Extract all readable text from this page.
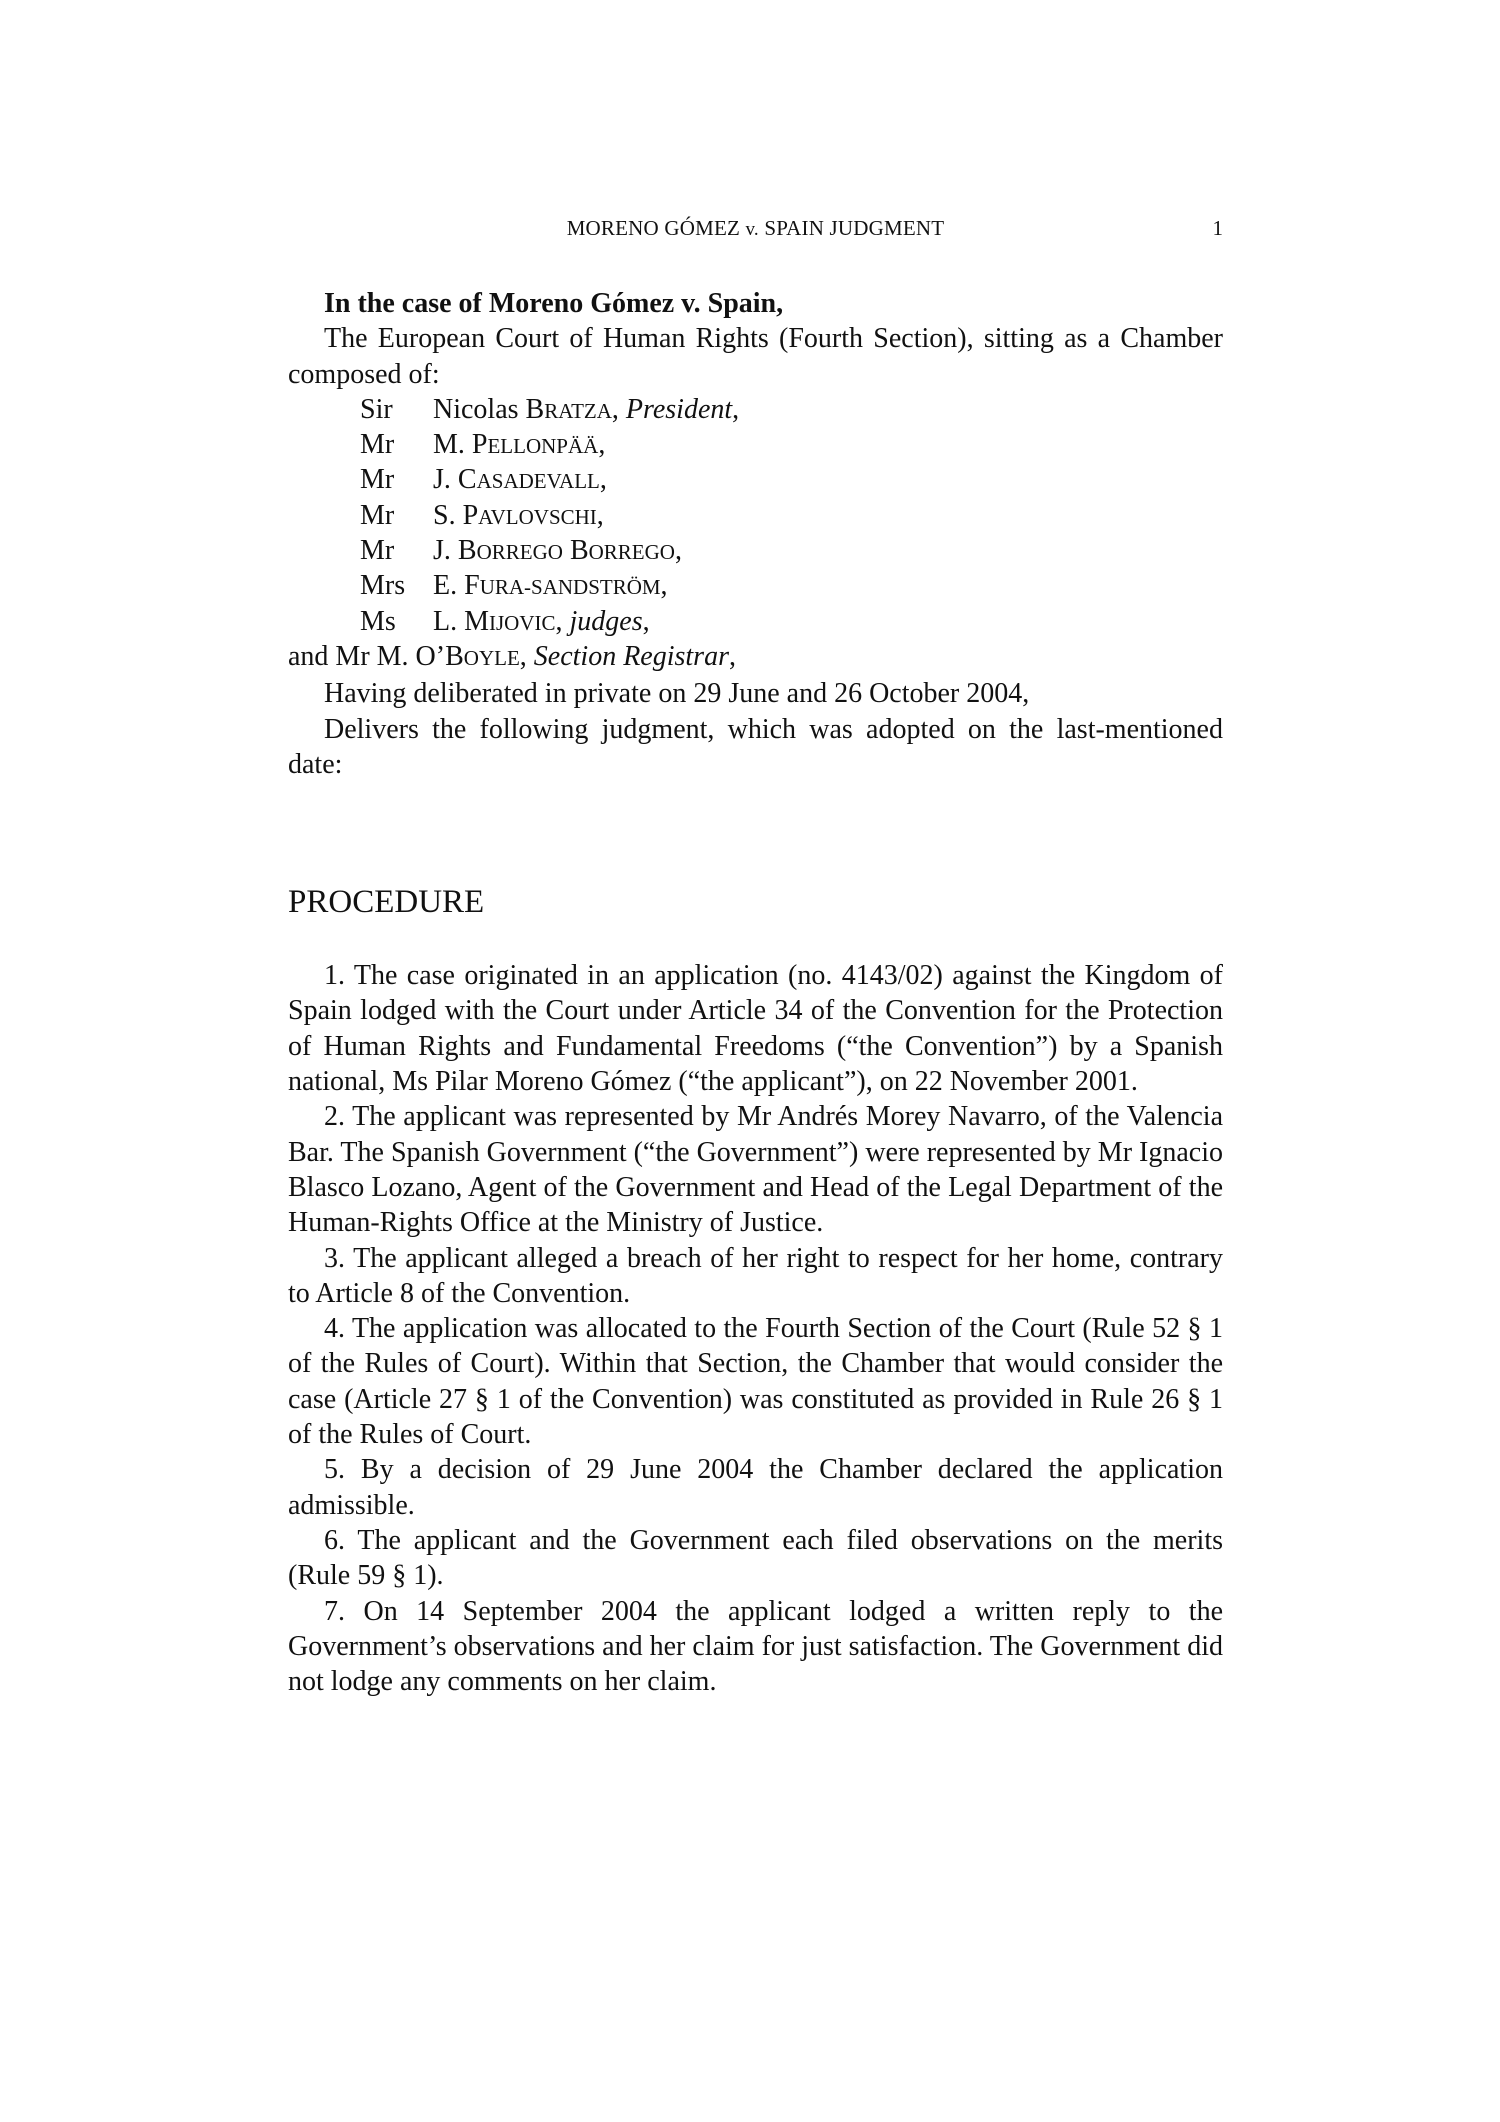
MORENO GÓMEZ v. SPAIN JUDGMENT	1

In the case of Moreno Gómez v. Spain,

The European Court of Human Rights (Fourth Section), sitting as a Chamber composed of:

Sir	Nicolas BRATZA, President,
Mr	M. PELLONPÄÄ,
Mr	J. CASADEVALL,
Mr	S. PAVLOVSCHI,
Mr	J. BORREGO BORREGO,
Mrs E. FURA-SANDSTRÖM,
Ms	L. MIJOVIC, judges,

and Mr M. O’BOYLE, Section Registrar,

Having deliberated in private on 29 June and 26 October 2004,

Delivers the following judgment, which was adopted on the last-mentioned date:

PROCEDURE

1. The case originated in an application (no. 4143/02) against the Kingdom of Spain lodged with the Court under Article 34 of the Convention for the Protection of Human Rights and Fundamental Freedoms (“the Convention”) by a Spanish national, Ms Pilar Moreno Gómez (“the applicant”), on 22 November 2001.

2. The applicant was represented by Mr Andrés Morey Navarro, of the Valencia Bar. The Spanish Government (“the Government”) were represented by Mr Ignacio Blasco Lozano, Agent of the Government and Head of the Legal Department of the Human-Rights Office at the Ministry of Justice.

3. The applicant alleged a breach of her right to respect for her home, contrary to Article 8 of the Convention.

4. The application was allocated to the Fourth Section of the Court (Rule 52 § 1 of the Rules of Court). Within that Section, the Chamber that would consider the case (Article 27 § 1 of the Convention) was constituted as provided in Rule 26 § 1 of the Rules of Court.

5. By a decision of 29 June 2004 the Chamber declared the application admissible.

6. The applicant and the Government each filed observations on the merits (Rule 59 § 1).

7. On 14 September 2004 the applicant lodged a written reply to the Government’s observations and her claim for just satisfaction. The Government did not lodge any comments on her claim.
